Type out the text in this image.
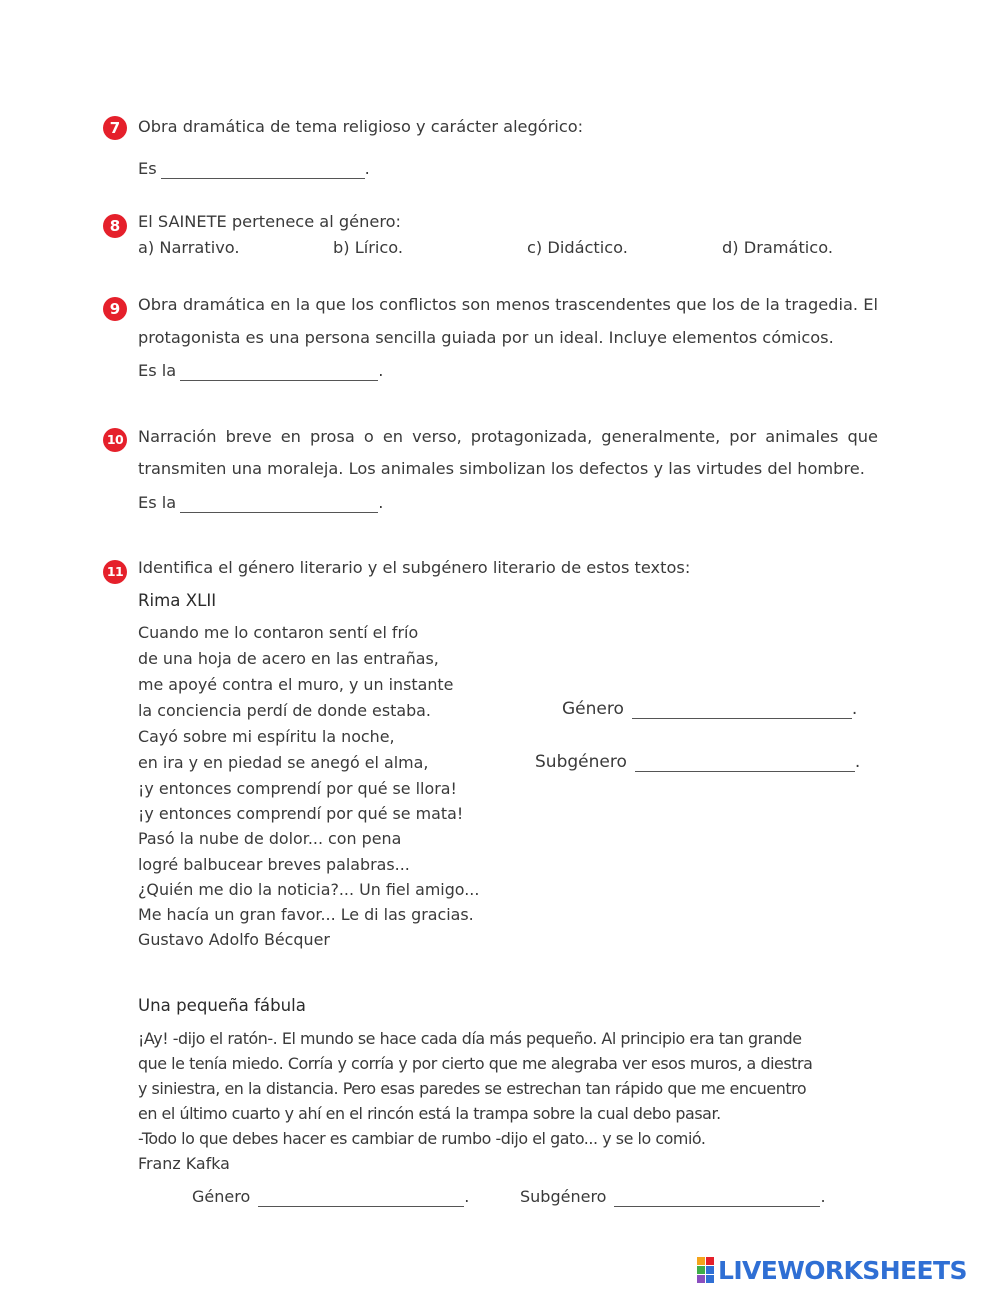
7	Obra dramática de tema religioso y carácter alegórico:
Es	.
8	El SAINETE pertenece al género:
a) Narrativo.	b) Lírico.	c) Didáctico.	d) Dramático.
9	Obra dramática en la que los conflictos son menos trascendentes que los de la tragedia. El
protagonista es una persona sencilla guiada por un ideal. Incluye elementos cómicos.
Es la	.
10 Narración breve en prosa o en verso, protagonizada, generalmente, por animales que
transmiten una moraleja. Los animales simbolizan los defectos y las virtudes del hombre.
Es la	.
11 Identifica el género literario y el subgénero literario de estos textos:
Rima XLII
Cuando me lo contaron sentí el frío
de una hoja de acero en las entrañas,
me apoyé contra el muro, y un instante
la conciencia perdí de donde estaba.
Cayó sobre mi espíritu la noche,
en ira y en piedad se anegó el alma,
¡y entonces comprendí por qué se llora!
¡y entonces comprendí por qué se mata!
Pasó la nube de dolor... con pena
logré balbucear breves palabras...
¿Quién me dio la noticia?... Un fiel amigo...
Me hacía un gran favor... Le di las gracias.
Gustavo Adolfo Bécquer
Género	.
Subgénero	.
Una pequeña fábula
¡Ay! -dijo el ratón-. El mundo se hace cada día más pequeño. Al principio era tan grande
que le tenía miedo. Corría y corría y por cierto que me alegraba ver esos muros, a diestra
y siniestra, en la distancia. Pero esas paredes se estrechan tan rápido que me encuentro
en el último cuarto y ahí en el rincón está la trampa sobre la cual debo pasar.
-Todo lo que debes hacer es cambiar de rumbo -dijo el gato... y se lo comió.
Franz Kafka
Género	.	Subgénero	.
LIVEWORKSHEETS
